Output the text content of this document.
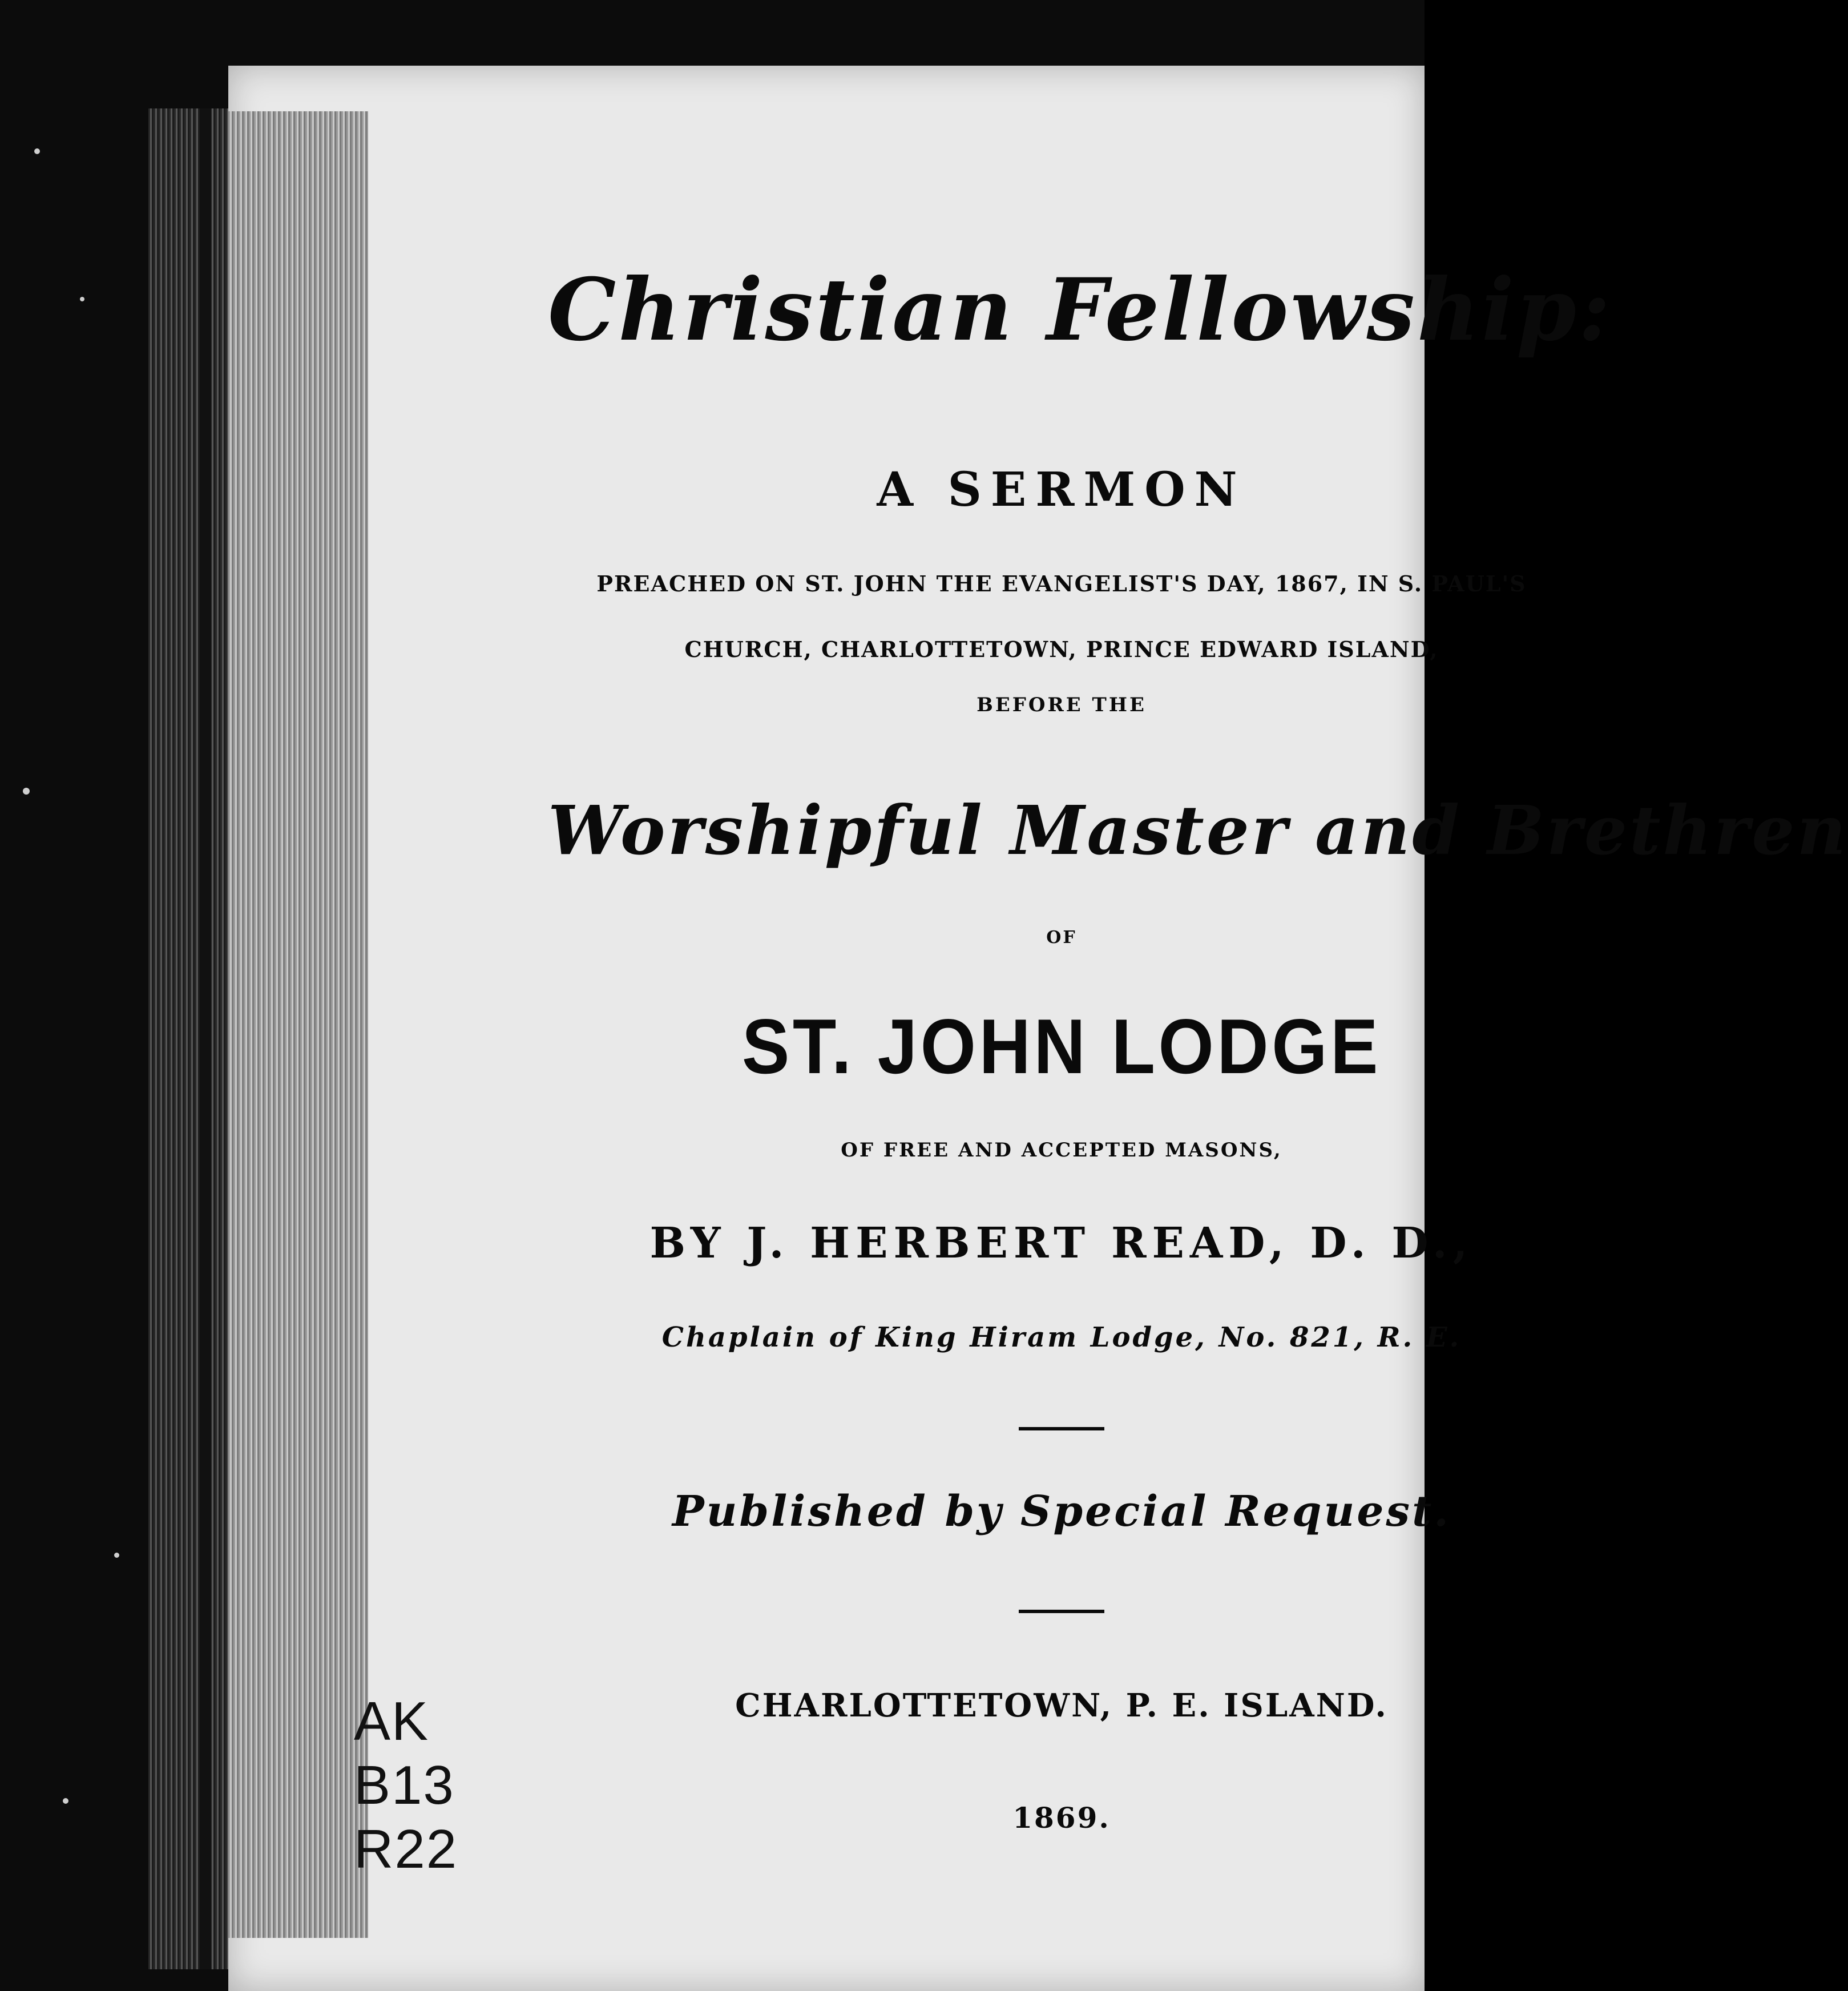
Christian Fellowship:
A SERMON
PREACHED ON ST. JOHN THE EVANGELIST'S DAY, 1867, IN S. PAUL'S
CHURCH, CHARLOTTETOWN, PRINCE EDWARD ISLAND,
BEFORE THE
Worshipful Master and Brethren
OF
ST. JOHN LODGE
OF FREE AND ACCEPTED MASONS,
BY J. HERBERT READ, D. D.,
Chaplain of King Hiram Lodge, No. 821, R. E.
Published by Special Request.
CHARLOTTETOWN, P. E. ISLAND.
1869.
AK
B13
R22
